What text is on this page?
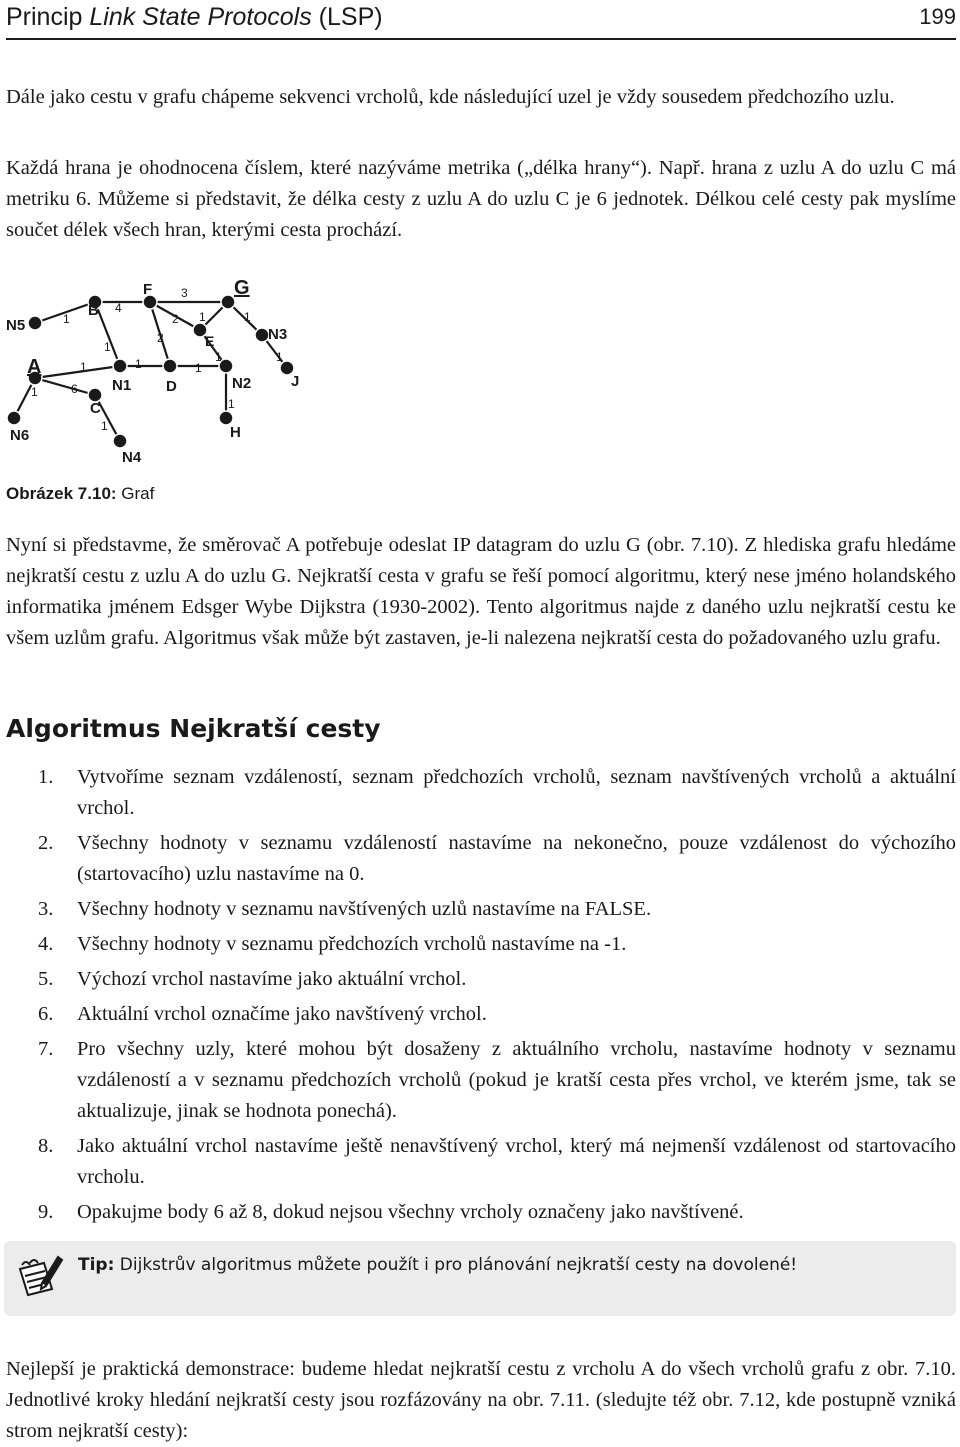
Princip Link State Protocols (LSP)	199

Dále jako cestu v grafu chápeme sekvenci vrcholů, kde následující uzel je vždy sousedem předchozího uzlu.

Každá hrana je ohodnocena číslem, které nazýváme metrika („délka hrany“). Např. hrana z uzlu A do uzlu C má metriku 6. Můžeme si představit, že délka cesty z uzlu A do uzlu C je 6 jednotek. Délkou celé cesty pak myslíme součet délek všech hran, kterými cesta prochází.

N5
A
N6
B
C
N1
N4
F
D
E
G
N2
H
N3
J
1
1	6
1
4
1
1
1
2
2
3
1
1
1
1
1
1
Obrázek 7.10: Graf

Nyní si představme, že směrovač A potřebuje odeslat IP datagram do uzlu G (obr. 7.10). Z hlediska grafu hledáme nejkratší cestu z uzlu A do uzlu G. Nejkratší cesta v grafu se řeší pomocí algoritmu, který nese jméno holandského informatika jménem Edsger Wybe Dijkstra (1930-2002). Tento algoritmus najde z daného uzlu nejkratší cestu ke všem uzlům grafu. Algoritmus však může být zastaven, je-li nalezena nejkratší cesta do požadovaného uzlu grafu.

Algoritmus Nejkratší cesty
1. Vytvoříme seznam vzdáleností, seznam předchozích vrcholů, seznam navštívených vrcholů a aktuální vrchol.
2. Všechny hodnoty v seznamu vzdáleností nastavíme na nekonečno, pouze vzdálenost do výchozího (startovacího) uzlu nastavíme na 0.
3. Všechny hodnoty v seznamu navštívených uzlů nastavíme na FALSE.
4. Všechny hodnoty v seznamu předchozích vrcholů nastavíme na -1.
5. Výchozí vrchol nastavíme jako aktuální vrchol.
6. Aktuální vrchol označíme jako navštívený vrchol.
7. Pro všechny uzly, které mohou být dosaženy z aktuálního vrcholu, nastavíme hodnoty v seznamu vzdáleností a v seznamu předchozích vrcholů (pokud je kratší cesta přes vrchol, ve kterém jsme, tak se aktualizuje, jinak se hodnota ponechá).
8. Jako aktuální vrchol nastavíme ještě nenavštívený vrchol, který má nejmenší vzdálenost od startovacího vrcholu.
9. Opakujme body 6 až 8, dokud nejsou všechny vrcholy označeny jako navštívené.
Tip: Dijkstrův algoritmus můžete použít i pro plánování nejkratší cesty na dovolené!

Nejlepší je praktická demonstrace: budeme hledat nejkratší cestu z vrcholu A do všech vrcholů grafu z obr. 7.10. Jednotlivé kroky hledání nejkratší cesty jsou rozfázovány na obr. 7.11. (sledujte též obr. 7.12, kde postupně vzniká strom nejkratší cesty):
